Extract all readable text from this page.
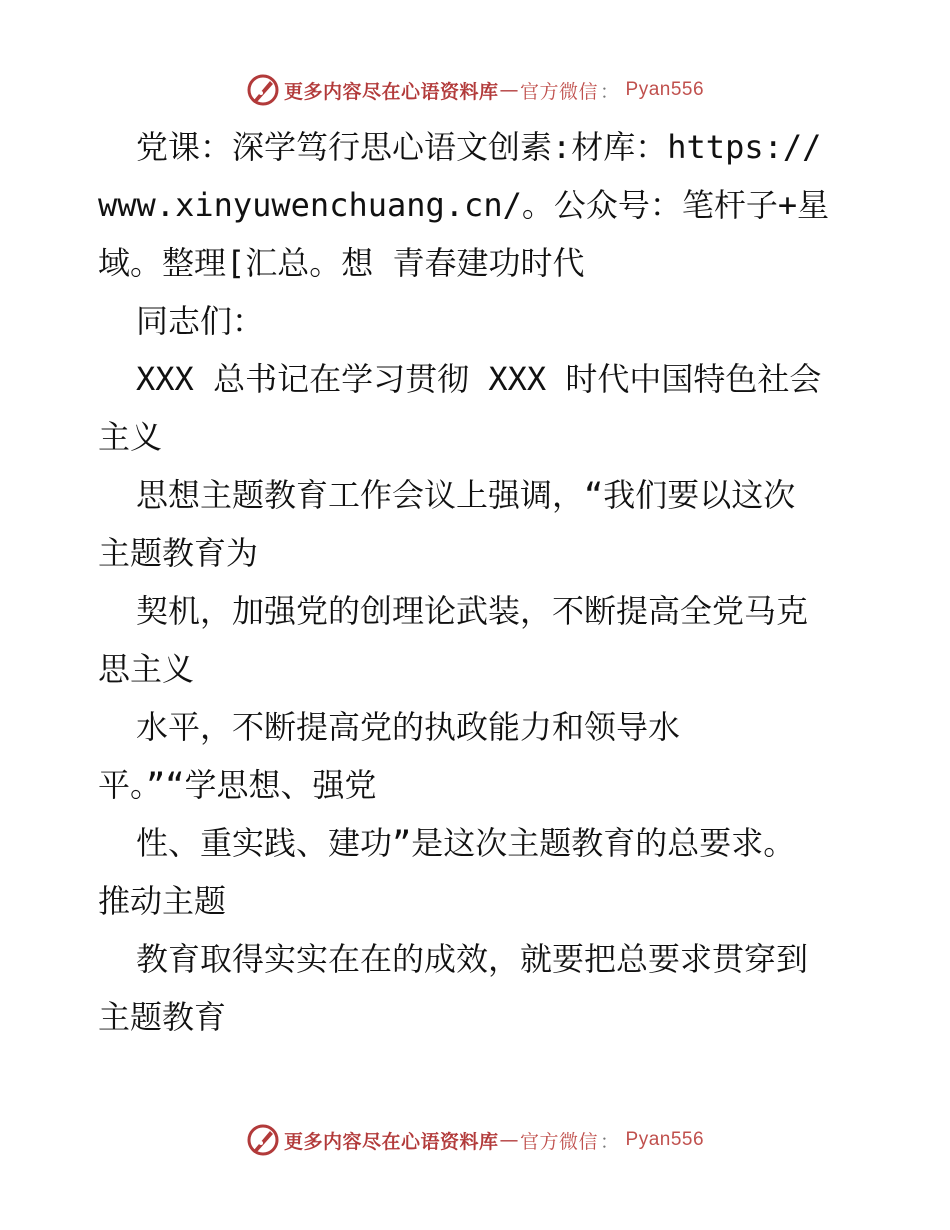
更多内容尽在心语资料库 — 官方微信 ： Pyan556
党课：深学笃行思心语文创素:材库：https://
www.xinyuwenchuang.cn/。公众号：笔杆子+星
域。整理[汇总。想 青春建功时代
同志们：
XXX 总书记在学习贯彻 XXX 时代中国特色社会
主义
思想主题教育工作会议上强调，“我们要以这次
主题教育为
契机，加强党的创理论武装，不断提高全党马克
思主义
水平，不断提高党的执政能力和领导水
平。”“学思想、强党
性、重实践、建功”是这次主题教育的总要求。
推动主题
教育取得实实在在的成效，就要把总要求贯穿到
主题教育
更多内容尽在心语资料库 — 官方微信 ： Pyan556
